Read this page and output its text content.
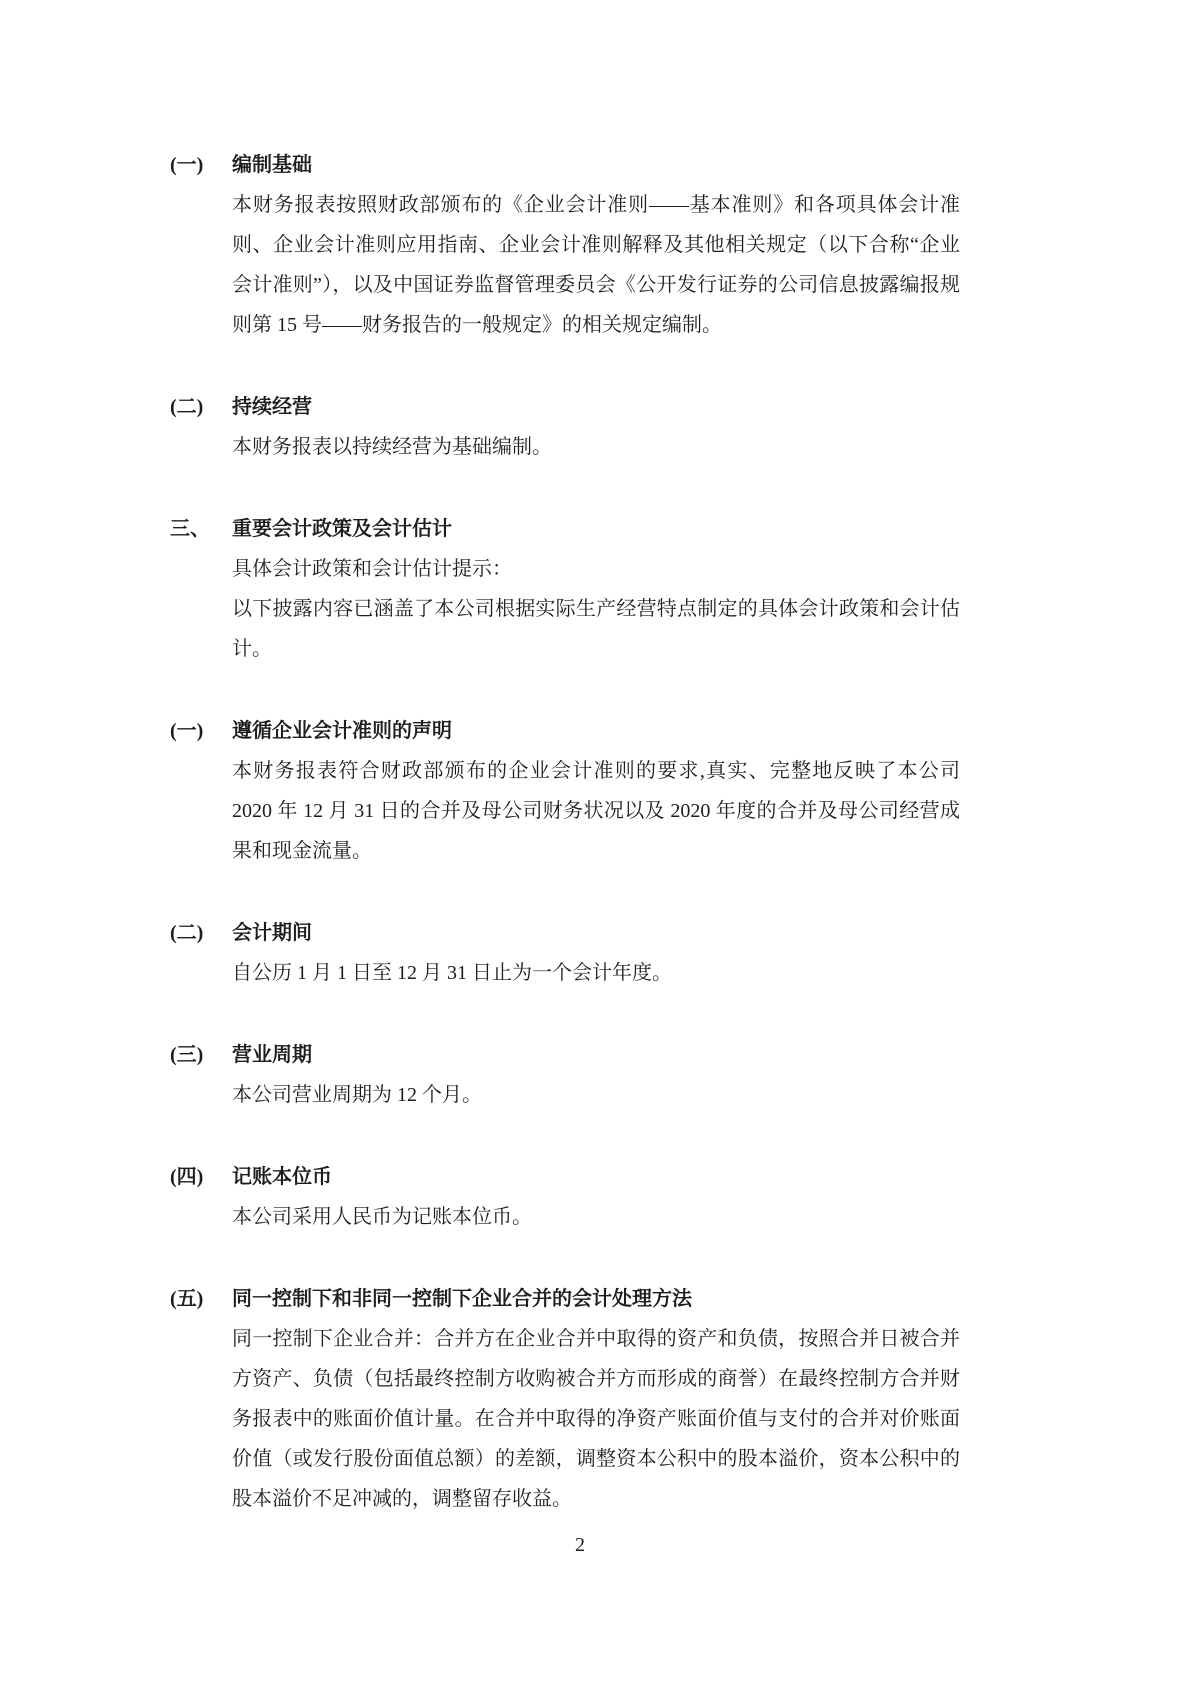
(一)	编制基础

本财务报表按照财政部颁布的《企业会计准则——基本准则》和各项具体会计准则、企业会计准则应用指南、企业会计准则解释及其他相关规定（以下合称“企业会计准则”），以及中国证券监督管理委员会《公开发行证券的公司信息披露编报规则第 15 号——财务报告的一般规定》的相关规定编制。

(二)	持续经营

本财务报表以持续经营为基础编制。

三、	重要会计政策及会计估计

具体会计政策和会计估计提示：

以下披露内容已涵盖了本公司根据实际生产经营特点制定的具体会计政策和会计估计。

(一)	遵循企业会计准则的声明

本财务报表符合财政部颁布的企业会计准则的要求,真实、完整地反映了本公司 2020 年 12 月 31 日的合并及母公司财务状况以及 2020 年度的合并及母公司经营成果和现金流量。

(二)	会计期间

自公历 1 月 1 日至 12 月 31 日止为一个会计年度。

(三)	营业周期

本公司营业周期为 12 个月。

(四)	记账本位币

本公司采用人民币为记账本位币。

(五)	同一控制下和非同一控制下企业合并的会计处理方法

同一控制下企业合并：合并方在企业合并中取得的资产和负债，按照合并日被合并方资产、负债（包括最终控制方收购被合并方而形成的商誉）在最终控制方合并财务报表中的账面价值计量。在合并中取得的净资产账面价值与支付的合并对价账面价值（或发行股份面值总额）的差额，调整资本公积中的股本溢价，资本公积中的股本溢价不足冲减的，调整留存收益。

2
